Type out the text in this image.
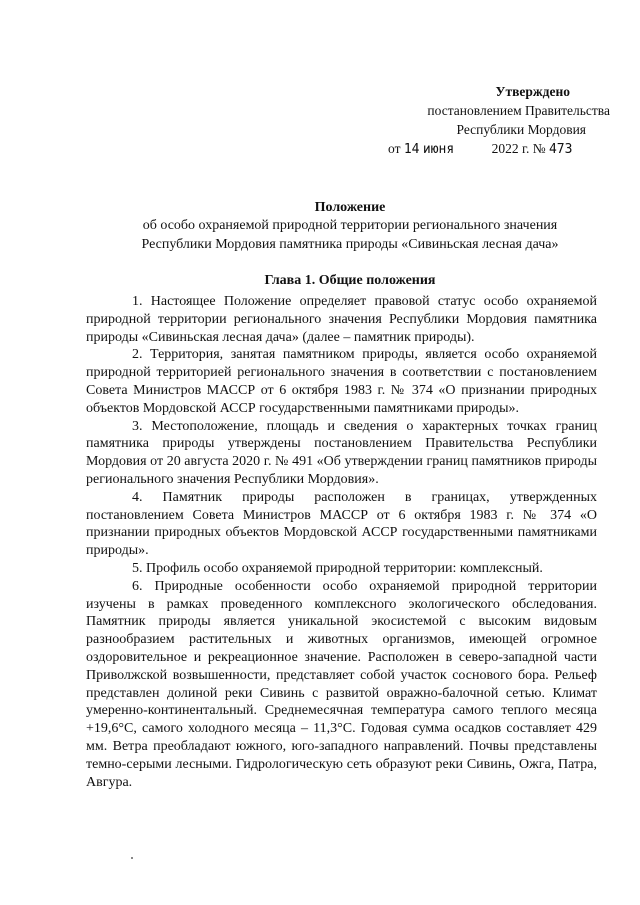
Утверждено
постановлением Правительства
Республики Мордовия
от 14 июня	2022 г. № 473
Положение
об особо охраняемой природной территории регионального значения
Республики Мордовия памятника природы «Сивиньская лесная дача»
Глава 1. Общие положения

1. Настоящее Положение определяет правовой статус особо охраняемой природной территории регионального значения Республики Мордовия памятника природы «Сивиньская лесная дача» (далее – памятник природы).

2. Территория, занятая памятником природы, является особо охраняемой природной территорией регионального значения в соответствии с постановлением Совета Министров МАССР от 6 октября 1983 г. № 374 «О признании природных объектов Мордовской АССР государственными памятниками природы».

3. Местоположение, площадь и сведения о характерных точках границ памятника природы утверждены постановлением Правительства Республики Мордовия от 20 августа 2020 г. № 491 «Об утверждении границ памятников природы регионального значения Республики Мордовия».

4. Памятник природы расположен в границах, утвержденных постановлением Совета Министров МАССР от 6 октября 1983 г. № 374 «О признании природных объектов Мордовской АССР государственными памятниками природы».

5. Профиль особо охраняемой природной территории: комплексный.

6. Природные особенности особо охраняемой природной территории изучены в рамках проведенного комплексного экологического обследования. Памятник природы является уникальной экосистемой с высоким видовым разнообразием растительных и животных организмов, имеющей огромное оздоровительное и рекреационное значение. Расположен в северо-западной части Приволжской возвышенности, представляет собой участок соснового бора. Рельеф представлен долиной реки Сивинь с развитой овражно-балочной сетью. Климат умеренно-континентальный. Среднемесячная температура самого теплого месяца +19,6°С, самого холодного месяца – 11,3°С. Годовая сумма осадков составляет 429 мм. Ветра преобладают южного, юго-западного направлений. Почвы представлены темно-серыми лесными. Гидрологическую сеть образуют реки Сивинь, Ожга, Патра, Авгура.
